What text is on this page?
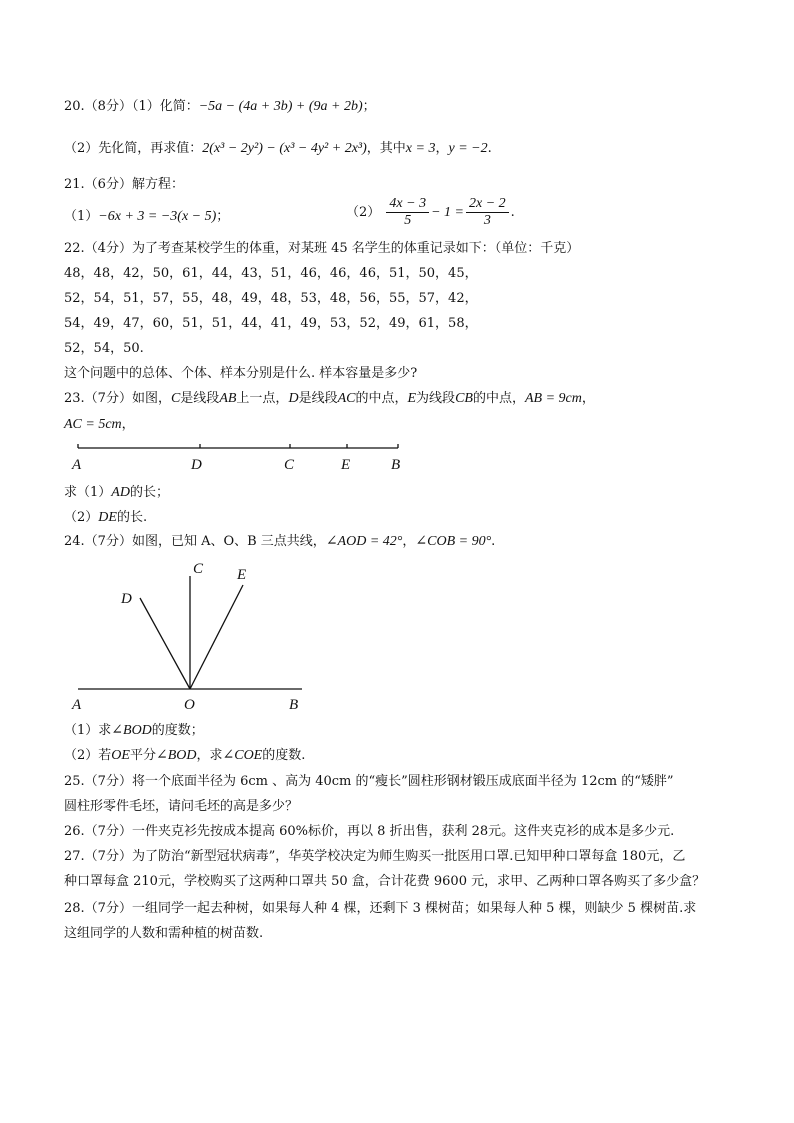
20.（8分）（1）化简：−5a − (4a + 3b) + (9a + 2b)；
（2）先化简，再求值：2(x³ − 2y²) − (x³ − 4y² + 2x³)，其中x = 3，y = −2.
21.（6分）解方程：
（1）−6x + 3 = −3(x − 5)；	$(2) \frac{4x - 3}{5} - 1 = \frac{2x - 2}{3}$ .
22.（4分）为了考查某校学生的体重，对某班 45 名学生的体重记录如下：（单位：千克）
48，48，42，50，61，44，43，51，46，46，46，51，50，45，
52，54，51，57，55，48，49，48，53，48，56，55，57，42，
54，49，47，60，51，51，44，41，49，53，52，49，61，58，
52，54，50.
这个问题中的总体、个体、样本分别是什么. 样本容量是多少?
23.（7分）如图，C是线段AB上一点，D是线段AC的中点，E为线段CB的中点，AB = 9cm，
AC = 5cm，
A	D	C	E	B
求（1）AD的长；
（2）DE的长.
24.（7分）如图，已知 A、O、B 三点共线，∠AOD = 42°，∠COB = 90°.
A	O	B
C
D
E
（1）求∠BOD的度数；
（2）若OE平分∠BOD，求∠COE的度数.
25.（7分）将一个底面半径为 6cm 、高为 40cm 的“瘦长”圆柱形钢材锻压成底面半径为 12cm 的“矮胖”
圆柱形零件毛坯，请问毛坯的高是多少？
26.（7分）一件夹克衫先按成本提高 60%标价，再以 8 折出售，获利 28元。这件夹克衫的成本是多少元.
27.（7分）为了防治“新型冠状病毒”，华英学校决定为师生购买一批医用口罩.已知甲种口罩每盒 180元，乙
种口罩每盒 210元，学校购买了这两种口罩共 50 盒，合计花费 9600 元，求甲、乙两种口罩各购买了多少盒？
28.（7分）一组同学一起去种树，如果每人种 4 棵，还剩下 3 棵树苗；如果每人种 5 棵，则缺少 5 棵树苗.求
这组同学的人数和需种植的树苗数.
